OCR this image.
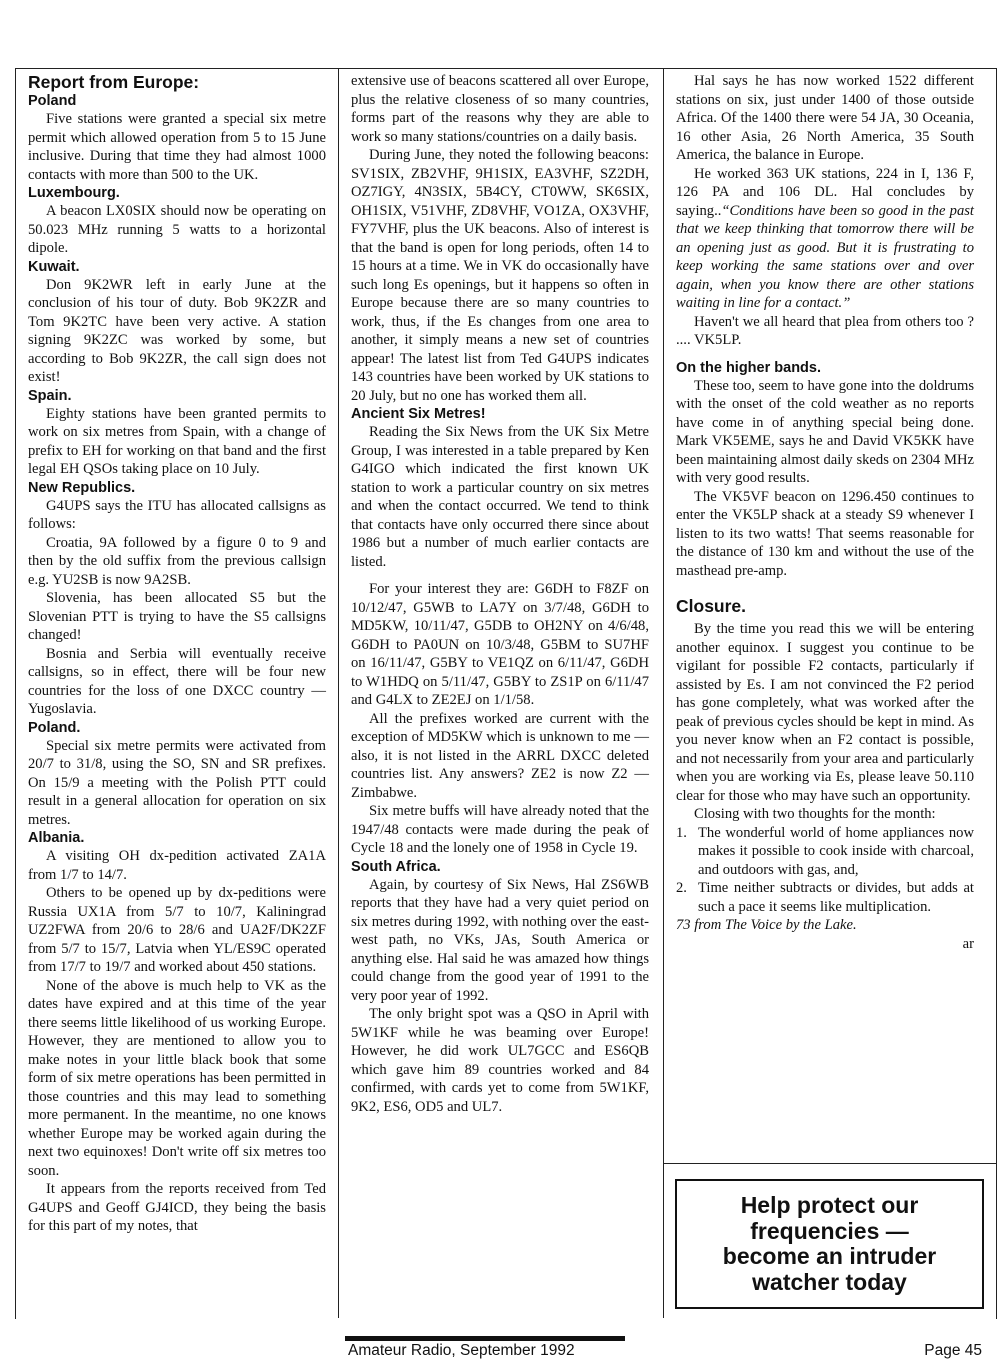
Report from Europe:

Poland

Five stations were granted a special six metre permit which allowed operation from 5 to 15 June inclusive. During that time they had almost 1000 contacts with more than 500 to the UK.

Luxembourg.

A beacon LX0SIX should now be operating on 50.023 MHz running 5 watts to a horizontal dipole.

Kuwait.

Don 9K2WR left in early June at the conclusion of his tour of duty. Bob 9K2ZR and Tom 9K2TC have been very active. A station signing 9K2ZC was worked by some, but according to Bob 9K2ZR, the call sign does not exist!

Spain.

Eighty stations have been granted permits to work on six metres from Spain, with a change of prefix to EH for working on that band and the first legal EH QSOs taking place on 10 July.

New Republics.

G4UPS says the ITU has allocated callsigns as follows:

Croatia, 9A followed by a figure 0 to 9 and then by the old suffix from the previous callsign e.g. YU2SB is now 9A2SB.

Slovenia, has been allocated S5 but the Slovenian PTT is trying to have the S5 callsigns changed!

Bosnia and Serbia will eventually receive callsigns, so in effect, there will be four new countries for the loss of one DXCC country — Yugoslavia.

Poland.

Special six metre permits were activated from 20/7 to 31/8, using the SO, SN and SR prefixes. On 15/9 a meeting with the Polish PTT could result in a general allocation for operation on six metres.

Albania.

A visiting OH dx-pedition activated ZA1A from 1/7 to 14/7.

Others to be opened up by dx-peditions were Russia UX1A from 5/7 to 10/7, Kaliningrad UZ2FWA from 20/6 to 28/6 and UA2F/DK2ZF from 5/7 to 15/7, Latvia when YL/ES9C operated from 17/7 to 19/7 and worked about 450 stations.

None of the above is much help to VK as the dates have expired and at this time of the year there seems little likelihood of us working Europe. However, they are mentioned to allow you to make notes in your little black book that some form of six metre operations has been permitted in those countries and this may lead to something more permanent. In the meantime, no one knows whether Europe may be worked again during the next two equinoxes! Don't write off six metres too soon.

It appears from the reports received from Ted G4UPS and Geoff GJ4ICD, they being the basis for this part of my notes, that

extensive use of beacons scattered all over Europe, plus the relative closeness of so many countries, forms part of the reasons why they are able to work so many stations/countries on a daily basis.

During June, they noted the following beacons: SV1SIX, ZB2VHF, 9H1SIX, EA3VHF, SZ2DH, OZ7IGY, 4N3SIX, 5B4CY, CT0WW, SK6SIX, OH1SIX, V51VHF, ZD8VHF, VO1ZA, OX3VHF, FY7VHF, plus the UK beacons. Also of interest is that the band is open for long periods, often 14 to 15 hours at a time. We in VK do occasionally have such long Es openings, but it happens so often in Europe because there are so many countries to work, thus, if the Es changes from one area to another, it simply means a new set of countries appear! The latest list from Ted G4UPS indicates 143 countries have been worked by UK stations to 20 July, but no one has worked them all.

Ancient Six Metres!

Reading the Six News from the UK Six Metre Group, I was interested in a table prepared by Ken G4IGO which indicated the first known UK station to work a particular country on six metres and when the contact occurred. We tend to think that contacts have only occurred there since about 1986 but a number of much earlier contacts are listed.

For your interest they are: G6DH to F8ZF on 10/12/47, G5WB to LA7Y on 3/7/48, G6DH to MD5KW, 10/11/47, G5DB to OH2NY on 4/6/48, G6DH to PA0UN on 10/3/48, G5BM to SU7HF on 16/11/47, G5BY to VE1QZ on 6/11/47, G6DH to W1HDQ on 5/11/47, G5BY to ZS1P on 6/11/47 and G4LX to ZE2EJ on 1/1/58.

All the prefixes worked are current with the exception of MD5KW which is unknown to me — also, it is not listed in the ARRL DXCC deleted countries list. Any answers? ZE2 is now Z2 — Zimbabwe.

Six metre buffs will have already noted that the 1947/48 contacts were made during the peak of Cycle 18 and the lonely one of 1958 in Cycle 19.

South Africa.

Again, by courtesy of Six News, Hal ZS6WB reports that they have had a very quiet period on six metres during 1992, with nothing over the east-west path, no VKs, JAs, South America or anything else. Hal said he was amazed how things could change from the good year of 1991 to the very poor year of 1992.

The only bright spot was a QSO in April with 5W1KF while he was beaming over Europe! However, he did work UL7GCC and ES6QB which gave him 89 countries worked and 84 confirmed, with cards yet to come from 5W1KF, 9K2, ES6, OD5 and UL7.

Hal says he has now worked 1522 different stations on six, just under 1400 of those outside Africa. Of the 1400 there were 54 JA, 30 Oceania, 16 other Asia, 26 North America, 35 South America, the balance in Europe.

He worked 363 UK stations, 224 in I, 136 F, 126 PA and 106 DL. Hal concludes by saying..“Conditions have been so good in the past that we keep thinking that tomorrow there will be an opening just as good. But it is frustrating to keep working the same stations over and over again, when you know there are other stations waiting in line for a contact.”

Haven't we all heard that plea from others too ? .... VK5LP.

On the higher bands.

These too, seem to have gone into the doldrums with the onset of the cold weather as no reports have come in of anything special being done. Mark VK5EME, says he and David VK5KK have been maintaining almost daily skeds on 2304 MHz with very good results.

The VK5VF beacon on 1296.450 continues to enter the VK5LP shack at a steady S9 whenever I listen to its two watts! That seems reasonable for the distance of 130 km and without the use of the masthead pre-amp.

Closure.

By the time you read this we will be entering another equinox. I suggest you continue to be vigilant for possible F2 contacts, particularly if assisted by Es. I am not convinced the F2 period has gone completely, what was worked after the peak of previous cycles should be kept in mind. As you never know when an F2 contact is possible, and not necessarily from your area and particularly when you are working via Es, please leave 50.110 clear for those who may have such an opportunity.

Closing with two thoughts for the month:

1. The wonderful world of home appliances now makes it possible to cook inside with charcoal, and outdoors with gas, and,
2. Time neither subtracts or divides, but adds at such a pace it seems like multiplication.

73 from The Voice by the Lake.

ar

Help protect our
frequencies —
become an intruder
watcher today
Amateur Radio, September 1992	Page 45
